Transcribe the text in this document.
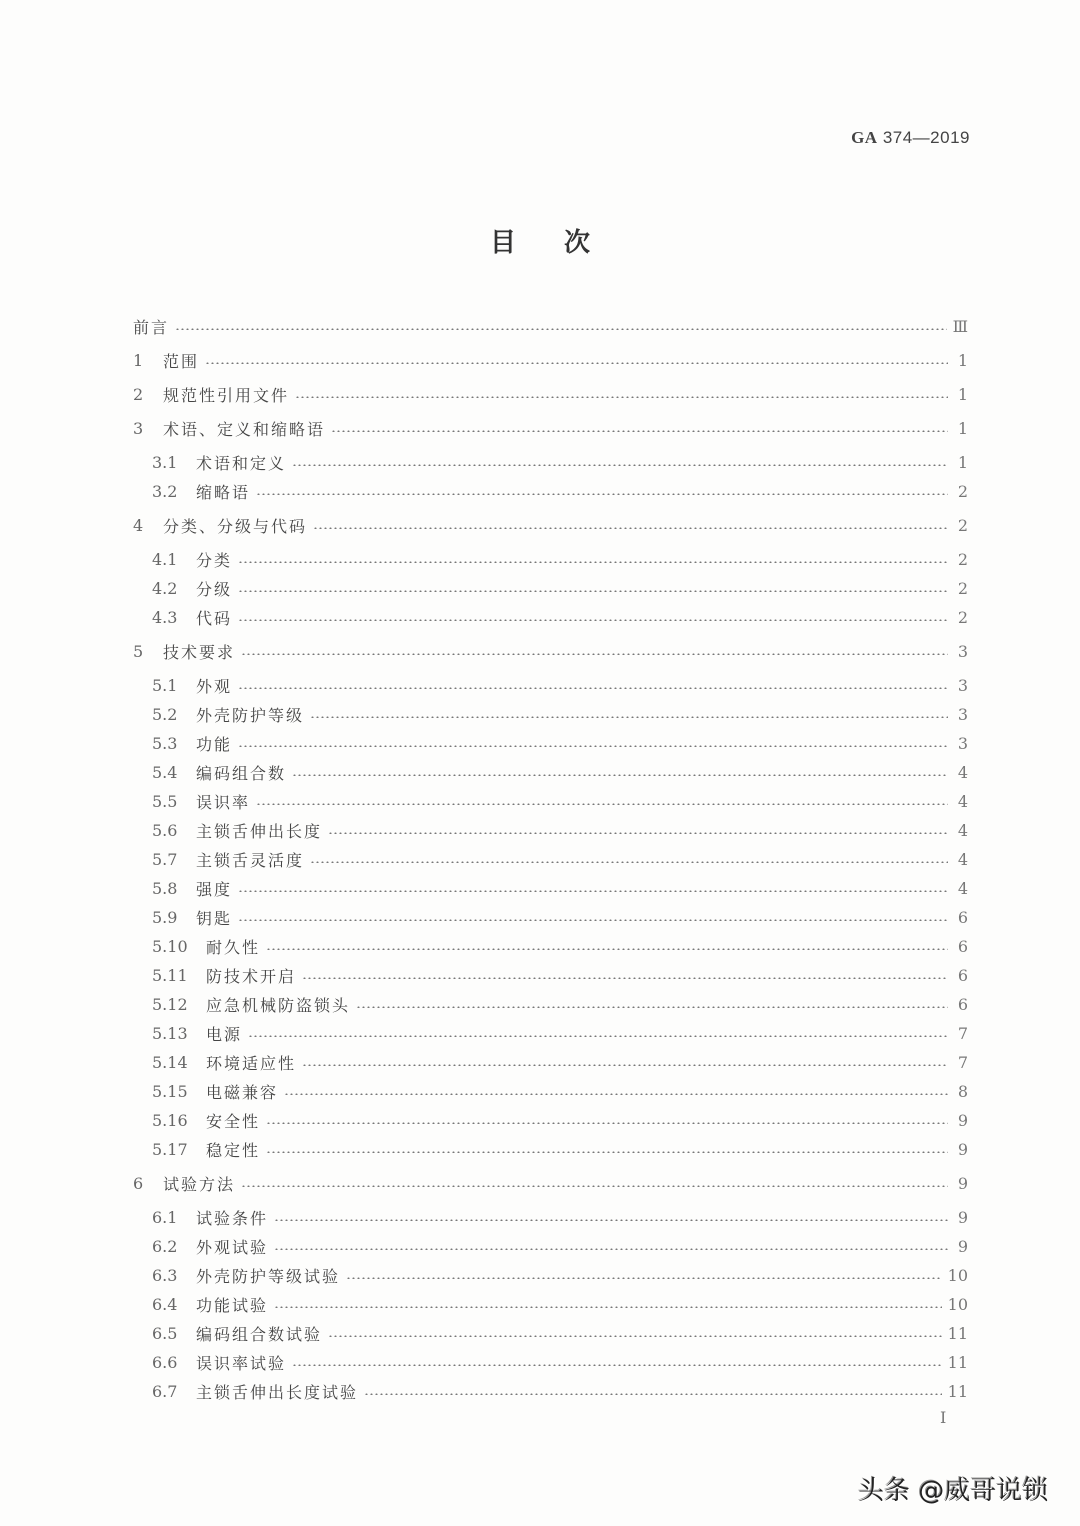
GA 374—2019
目次
前言	Ⅲ
1	范围	1
2	规范性引用文件	1
3	术语、定义和缩略语	1
3.1	术语和定义	1
3.2	缩略语	2
4	分类、分级与代码	2
4.1	分类	2
4.2	分级	2
4.3	代码	2
5	技术要求	3
5.1	外观	3
5.2	外壳防护等级	3
5.3	功能	3
5.4	编码组合数	4
5.5	误识率	4
5.6	主锁舌伸出长度	4
5.7	主锁舌灵活度	4
5.8	强度	4
5.9	钥匙	6
5.10	耐久性	6
5.11	防技术开启	6
5.12	应急机械防盗锁头	6
5.13	电源	7
5.14	环境适应性	7
5.15	电磁兼容	8
5.16	安全性	9
5.17	稳定性	9
6	试验方法	9
6.1	试验条件	9
6.2	外观试验	9
6.3	外壳防护等级试验	10
6.4	功能试验	10
6.5	编码组合数试验	11
6.6	误识率试验	11
6.7	主锁舌伸出长度试验	11
I
头条 @威哥说锁
